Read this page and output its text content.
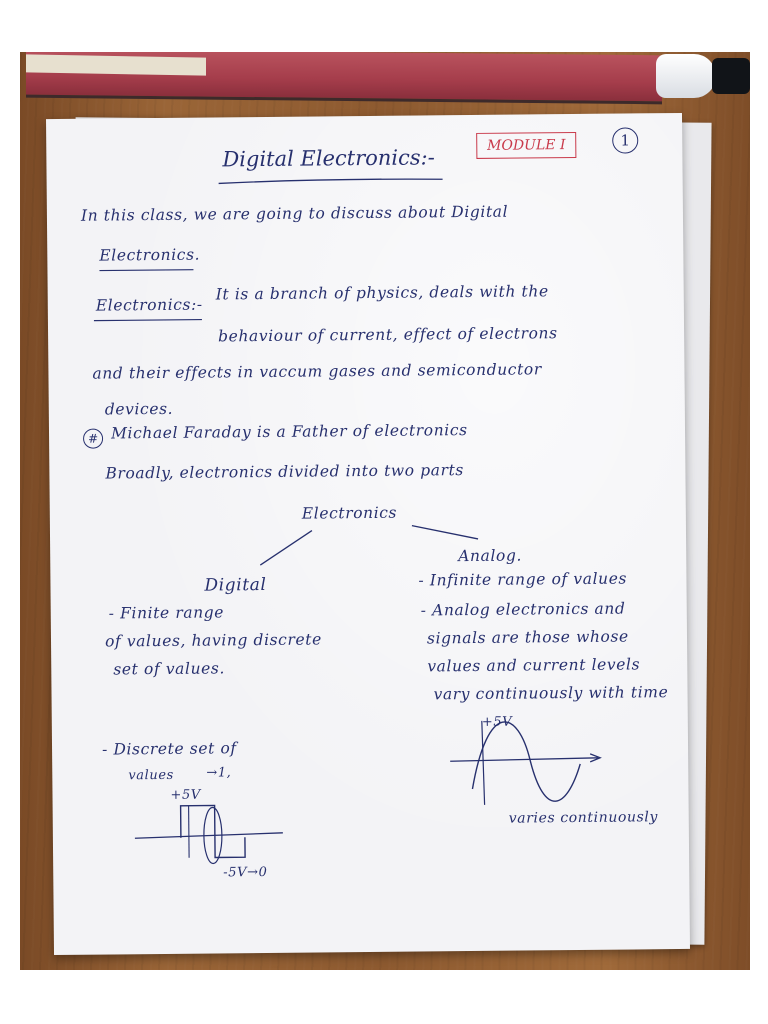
Digital Electronics:-	MODULE I	1
In this class, we are going to discuss about Digital
Electronics.
Electronics:-
It is a branch of physics, deals with the
behaviour of current, effect of electrons
and their effects in vaccum gases and semiconductor
devices.
# Michael Faraday is a Father of electronics
Broadly, electronics divided into two parts
Electronics
Analog.
Digital
- Finite range
of values, having discrete
set of values.
- Infinite range of values
- Analog electronics and
signals are those whose
values and current levels
vary continuously with time
- Discrete set of
values →1,
+5V
-5V→0
+5V
varies continuously
